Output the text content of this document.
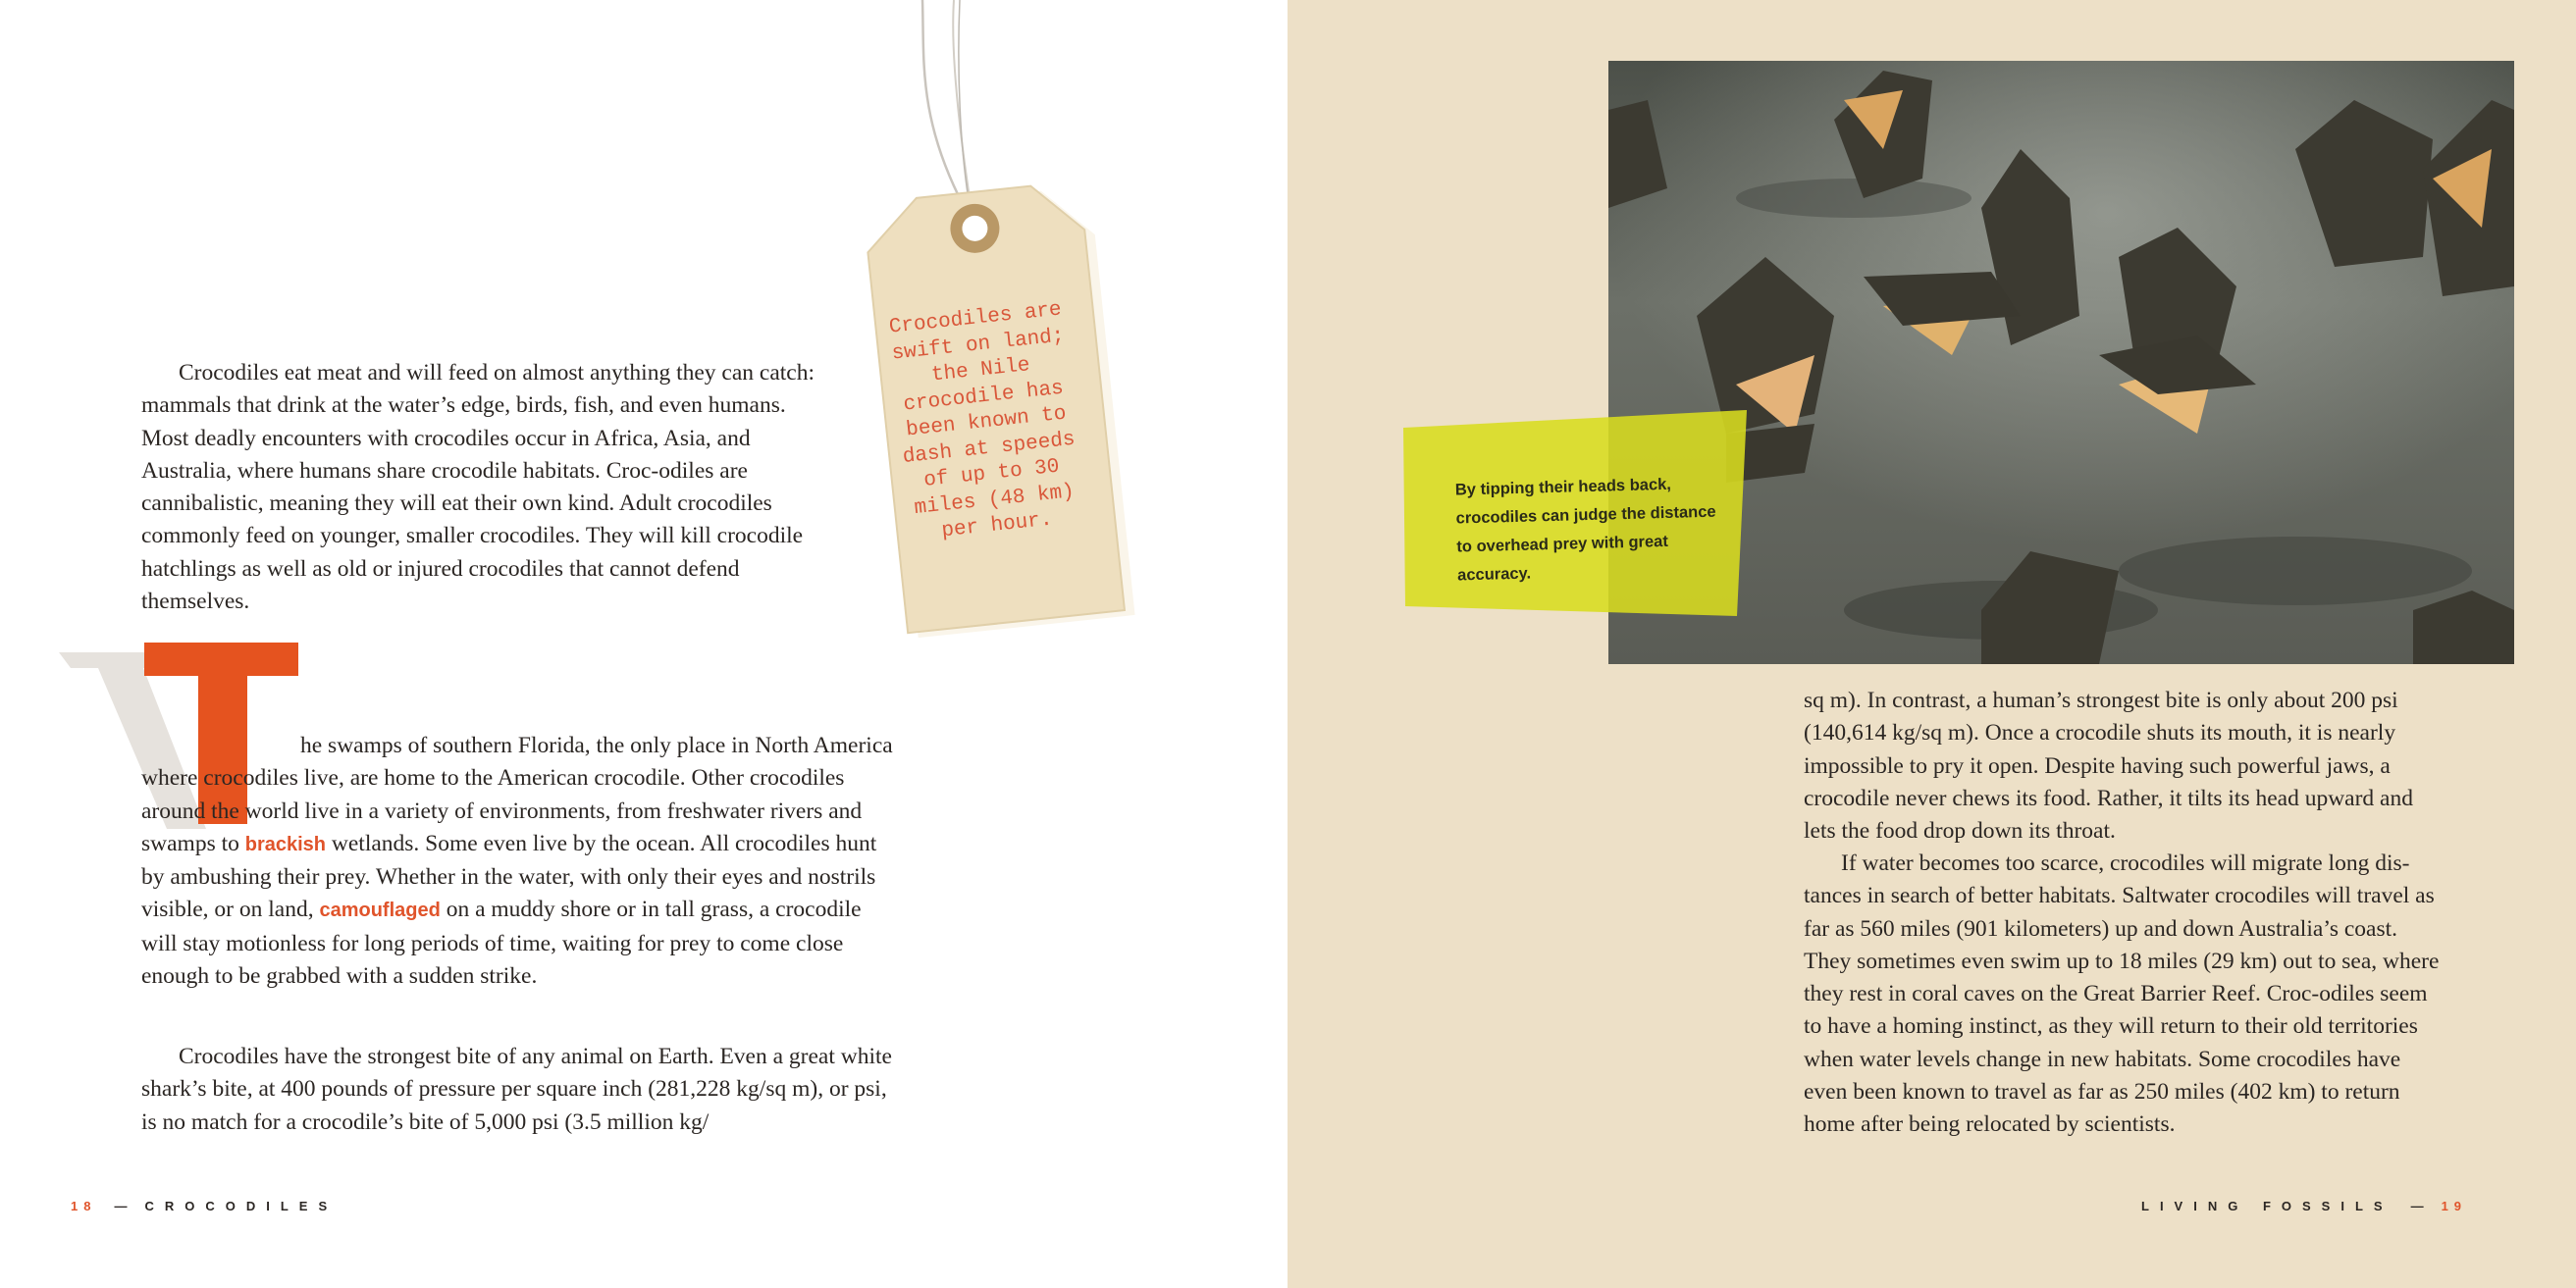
Crocodiles eat meat and will feed on almost anything they can catch: mammals that drink at the water’s edge, birds, fish, and even humans. Most deadly encounters with crocodiles occur in Africa, Asia, and Australia, where humans share crocodile habitats. Croc-odiles are cannibalistic, meaning they will eat their own kind. Adult crocodiles commonly feed on younger, smaller crocodiles. They will kill crocodile hatchlings as well as old or injured crocodiles that cannot defend themselves.

he swamps of southern Florida, the only place in North America where crocodiles live, are home to the American crocodile. Other crocodiles around the world live in a variety of environments, from freshwater rivers and swamps to brackish wetlands. Some even live by the ocean. All crocodiles hunt by ambushing their prey. Whether in the water, with only their eyes and nostrils visible, or on land, camouflaged on a muddy shore or in tall grass, a crocodile will stay motionless for long periods of time, waiting for prey to come close enough to be grabbed with a sudden strike.

Crocodiles have the strongest bite of any animal on Earth. Even a great white shark’s bite, at 400 pounds of pressure per square inch (281,228 kg/sq m), or psi, is no match for a crocodile’s bite of 5,000 psi (3.5 million kg/

Crocodiles are swift on land; the Nile crocodile has been known to dash at speeds of up to 30 miles (48 km) per hour.
18 — CROCODILES
By tipping their heads back, crocodiles can judge the distance to overhead prey with great accuracy.

sq m). In contrast, a human’s strongest bite is only about 200 psi (140,614 kg/sq m). Once a crocodile shuts its mouth, it is nearly impossible to pry it open. Despite having such powerful jaws, a crocodile never chews its food. Rather, it tilts its head upward and lets the food drop down its throat.

If water becomes too scarce, crocodiles will migrate long dis-tances in search of better habitats. Saltwater crocodiles will travel as far as 560 miles (901 kilometers) up and down Australia’s coast. They sometimes even swim up to 18 miles (29 km) out to sea, where they rest in coral caves on the Great Barrier Reef. Croc-odiles seem to have a homing instinct, as they will return to their old territories when water levels change in new habitats. Some crocodiles have even been known to travel as far as 250 miles (402 km) to return home after being relocated by scientists.

LIVING FOSSILS — 19
